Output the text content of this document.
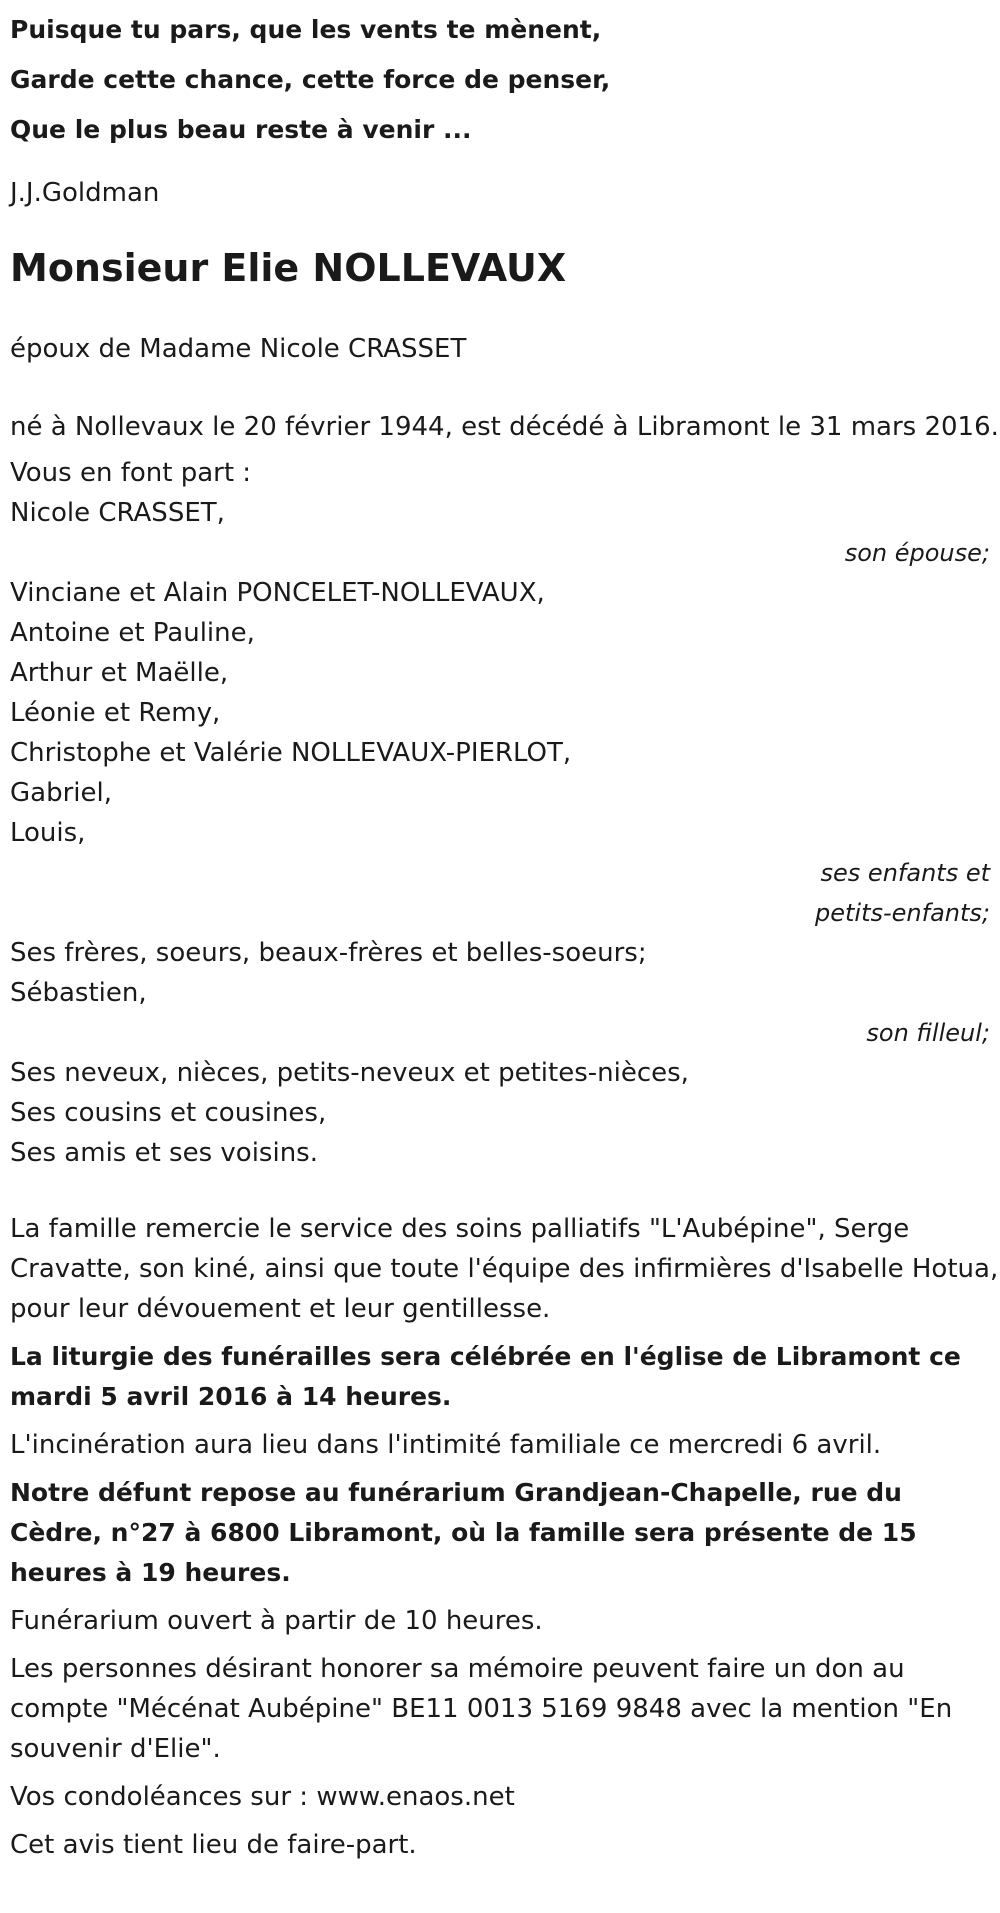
Puisque tu pars, que les vents te mènent,

Garde cette chance, cette force de penser,

Que le plus beau reste à venir ...

J.J.Goldman

Monsieur Elie NOLLEVAUX

époux de Madame Nicole CRASSET

né à Nollevaux le 20 février 1944, est décédé à Libramont le 31 mars 2016.

Vous en font part :

Nicole CRASSET,

son épouse;

Vinciane et Alain PONCELET-NOLLEVAUX,

Antoine et Pauline,

Arthur et Maëlle,

Léonie et Remy,

Christophe et Valérie NOLLEVAUX-PIERLOT,

Gabriel,

Louis,

ses enfants et

petits-enfants;

Ses frères, soeurs, beaux-frères et belles-soeurs;

Sébastien,

son filleul;

Ses neveux, nièces, petits-neveux et petites-nièces,

Ses cousins et cousines,

Ses amis et ses voisins.

La famille remercie le service des soins palliatifs "L'Aubépine", Serge Cravatte, son kiné, ainsi que toute l'équipe des infirmières d'Isabelle Hotua, pour leur dévouement et leur gentillesse.

La liturgie des funérailles sera célébrée en l'église de Libramont ce mardi 5 avril 2016 à 14 heures.

L'incinération aura lieu dans l'intimité familiale ce mercredi 6 avril.

Notre défunt repose au funérarium Grandjean-Chapelle, rue du Cèdre, n°27 à 6800 Libramont, où la famille sera présente de 15 heures à 19 heures.

Funérarium ouvert à partir de 10 heures.

Les personnes désirant honorer sa mémoire peuvent faire un don au compte "Mécénat Aubépine" BE11 0013 5169 9848 avec la mention "En souvenir d'Elie".

Vos condoléances sur : www.enaos.net

Cet avis tient lieu de faire-part.
